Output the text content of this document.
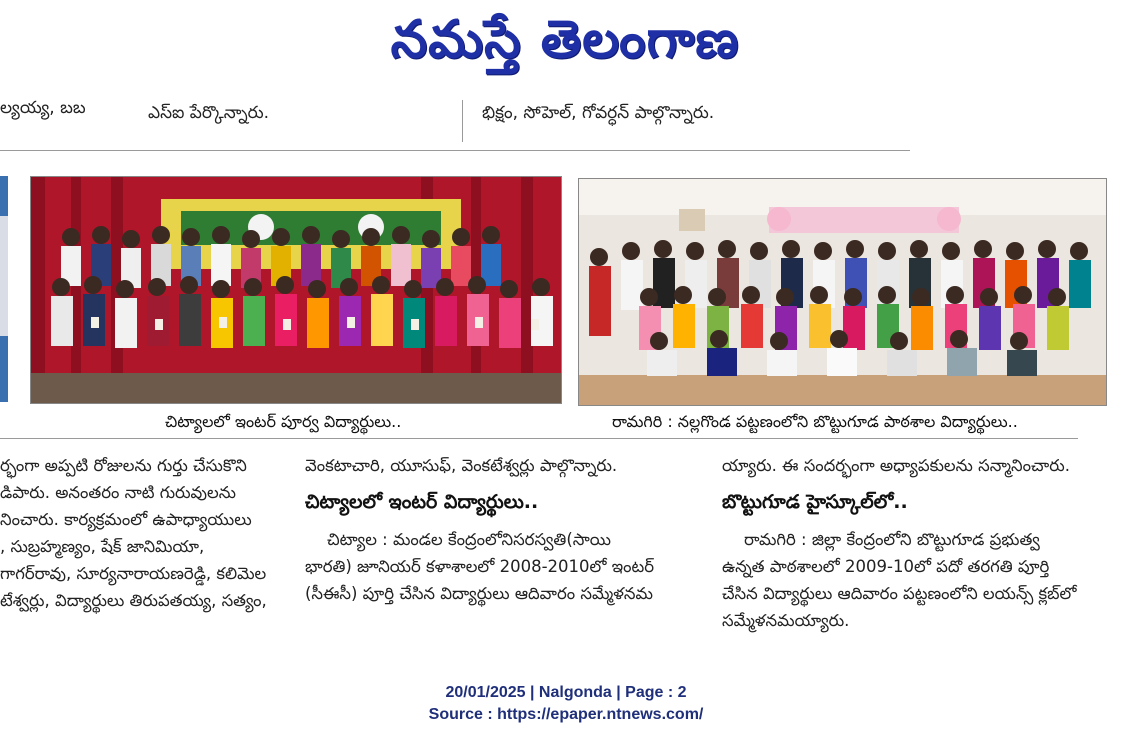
నమస్తే తెలంగాణ
ల్యయ్య, బబ	ఎస్‌ఐ పేర్కొన్నారు.	భిక్షం, సోహెల్‌, గోవర్ధన్‌ పాల్గొన్నారు.
చిట్యాలలో ఇంటర్‌ పూర్వ విద్యార్థులు..	రామగిరి : నల్లగొండ పట్టణంలోని బొట్టుగూడ పాఠశాల విద్యార్థులు..
ర్భంగా అప్పటి రోజులను గుర్తు చేసుకొని
డిపారు. అనంతరం నాటి గురువులను
నించారు. కార్యక్రమంలో ఉపాధ్యాయులు
, సుబ్రహ్మణ్యం, షేక్‌ జానిమియా,
గాగర్‌రావు, సూర్యనారాయణరెడ్డి, కలిమెల
టేశ్వర్లు, విద్యార్థులు తిరుపతయ్య, సత్యం,
వెంకటాచారి, యూసుఫ్‌, వెంకటేశ్వర్లు పాల్గొన్నారు.
చిట్యాలలో ఇంటర్‌ విద్యార్థులు..
చిట్యాల : మండల కేంద్రంలోనిసరస్వతి(సాయి
భారతి) జూనియర్‌ కళాశాలలో 2008-2010లో ఇంటర్‌
(సీఈసీ) పూర్తి చేసిన విద్యార్థులు ఆదివారం సమ్మేళనమ
య్యారు. ఈ సందర్భంగా అధ్యాపకులను సన్మానించారు.
బొట్టుగూడ హైస్కూల్‌లో..
రామగిరి : జిల్లా కేంద్రంలోని బొట్టుగూడ ప్రభుత్వ
ఉన్నత పాఠశాలలో 2009-10లో పదో తరగతి పూర్తి
చేసిన విద్యార్థులు ఆదివారం పట్టణంలోని లయన్స్‌ క్లబ్‌లో
సమ్మేళనమయ్యారు.
20/01/2025 | Nalgonda | Page : 2
Source : https://epaper.ntnews.com/
